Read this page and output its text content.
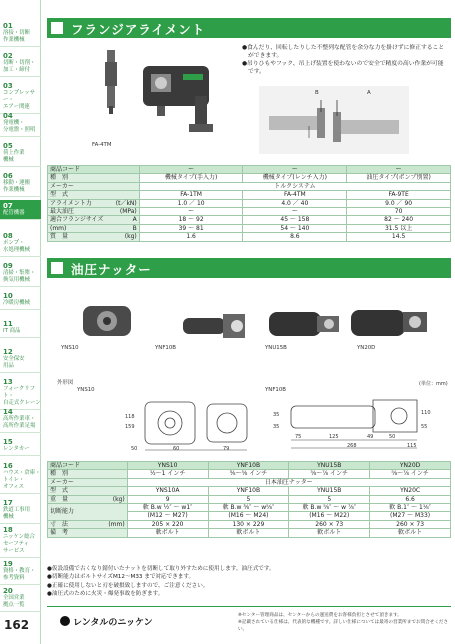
01
溶接・切断
作業機械
02
切断・切削・
加工・締付
03
コンプレッサー・
エアー関連
04
発電機・
分電盤・照明
05
荷上作業
機械
06
移動・運搬
作業機械
07
配管機器
08
ポンプ・
水処理機械
09
清掃・集塵・
換気用機械
10
冷暖房機械
11
IT 商品
12
安全保安
用品
13
フォークリフト・
自走式クレーン
14
高所作業車・
高所作業足場
15
レンタカー
16
ハウス・倉庫・
トイレ・
オフィス
17
鉄道工事用
機械
18
ニッケン総合
セーフティ
サービス
19
資格・教育・
参考資料
20
全国営業
拠点一覧
162
フランジアライメント
FA-4TM
●食んだり、回転したりした不整列な配管を余分な力を掛けずに修正することができます。
●吊りひもやフック、吊上げ装置を使わないので安全で精度の高い作業が可能です。
B	A
商品コード	ー	ー	ー
種　別	機械タイプ(手入力)	機械タイプ(レンチ入力)	油圧タイプ(ポンプ別置)
メーカー	トルクシステム		
型　式	FA-1TM	FA-4TM	FA-9TE
アライメント力 (t／kN)	1.0 ／ 10	4.0 ／ 40	9.0 ／ 90
最大油圧 (MPa)	ー	ー	70
適合フランジサイズ A	18 ～ 92	45 ～ 158	82 ～ 240
(mm) B	39 ～ 81	54 ～ 140	31.5 以上
質　量 (kg)	1.6	8.6	14.5
油圧ナッター
YNS10	YNF10B	YNU15B	YN20D
外形図	(単位：mm)
YNS10	YNF10B
50	60	79
118
159
75	125	49	50
268
110
35
55
35
115
商品コード	YNS10	YNF10B	YNU15B	YN20D
種　別	½～1 インチ	⅜～⅝ インチ	⅝～⅞ インチ	⅝～⅞ インチ
メーカー	日本油圧ナッター			
型　式	YNS10A	YNF10B	YNU15B	YN20C
重　量 (kg)	9	5	5	6.6
切断能力	軟 B.w ½″ ～ w1″	軟 B.w ⅜″ ～ w⅝″	軟 B.w ⅝″ ～ w ⅞″	軟 B.1″ ～ 1⅛″
	(M12 ～ M27)	(M16 ～ M24)	(M16 ～ M22)	(M27 ～ M33)
寸　法 (mm)	205 × 220	130 × 229	260 × 73	260 × 73
備　考	軟ボルト	軟ボルト	軟ボルト	軟ボルト
●仮設設備で古くなり錆付いたナットを切断して取り外すために使用します。油圧式です。
●切断能力はボルトサイズM12～M33 まで対応できます。
●正確に使用しないと刃を破損致しますので、ご注意ください。
●油圧式のために火災・爆発事故を防ぎます。
レンタルのニッケン
※センター管理商品は、センターからの運送費をお客様負担とさせて頂きます。
※記載されている仕様は、代表的な機種です。詳しい仕様については最寄の営業所までお問合せください。
